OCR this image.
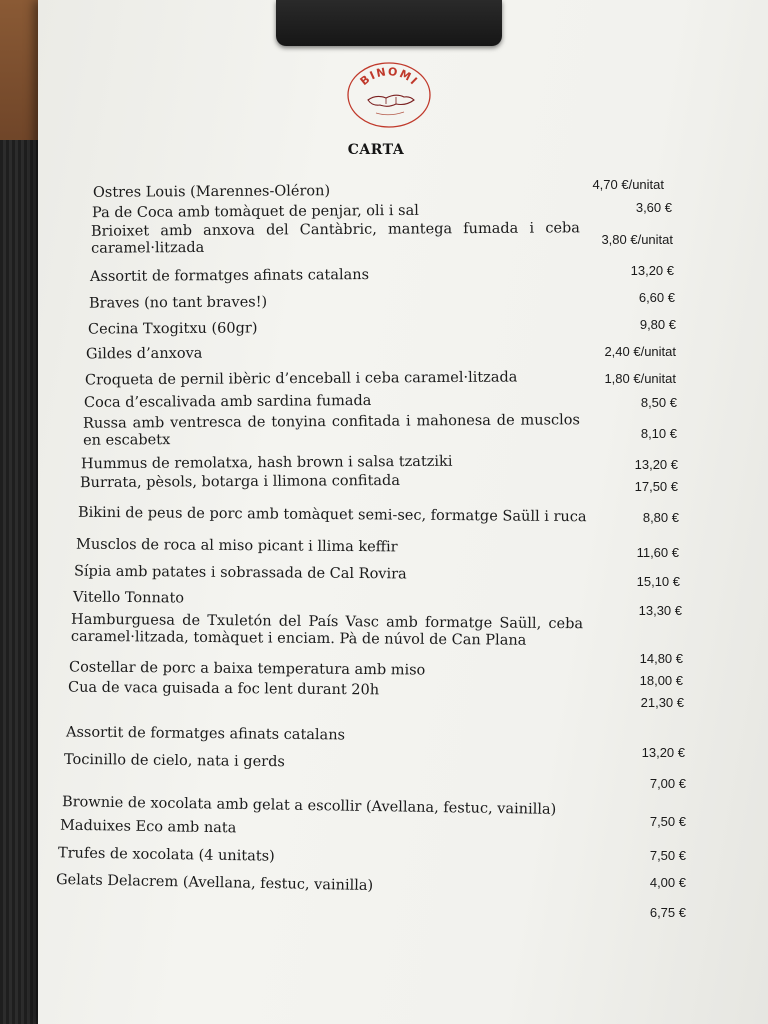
BINOMI
CARTA

Ostres Louis (Marennes-Oléron)

Pa de Coca amb tomàquet de penjar, oli i sal

Brioixet amb anxova del Cantàbric, mantega fumada i ceba caramel·litzada

Assortit de formatges afinats catalans

Braves (no tant braves!)

Cecina Txogitxu (60gr)

Gildes d’anxova

Croqueta de pernil ibèric d’enceball i ceba caramel·litzada

Coca d’escalivada amb sardina fumada

Russa amb ventresca de tonyina confitada i mahonesa de musclos en escabetx

Hummus de remolatxa, hash brown i salsa tzatziki

Burrata, pèsols, botarga i llimona confitada

Bikini de peus de porc amb tomàquet semi-sec, formatge Saüll i ruca

Musclos de roca al miso picant i llima keffir

Sípia amb patates i sobrassada de Cal Rovira

Vitello Tonnato

Hamburguesa de Txuletón del País Vasc amb formatge Saüll, ceba caramel·litzada, tomàquet i enciam. Pà de núvol de Can Plana

Costellar de porc a baixa temperatura amb miso

Cua de vaca guisada a foc lent durant 20h

Assortit de formatges afinats catalans

Tocinillo de cielo, nata i gerds

Brownie de xocolata amb gelat a escollir (Avellana, festuc, vainilla)

Maduixes Eco amb nata

Trufes de xocolata (4 unitats)

Gelats Delacrem (Avellana, festuc, vainilla)

4,70 €/unitat

3,60 €

3,80 €/unitat

13,20 €

6,60 €

9,80 €

2,40 €/unitat

1,80 €/unitat

8,50 €

8,10 €

13,20 €

17,50 €

8,80 €

11,60 €

15,10 €

13,30 €

14,80 €

18,00 €

21,30 €

13,20 €

7,00 €

7,50 €

7,50 €

4,00 €

6,75 €
